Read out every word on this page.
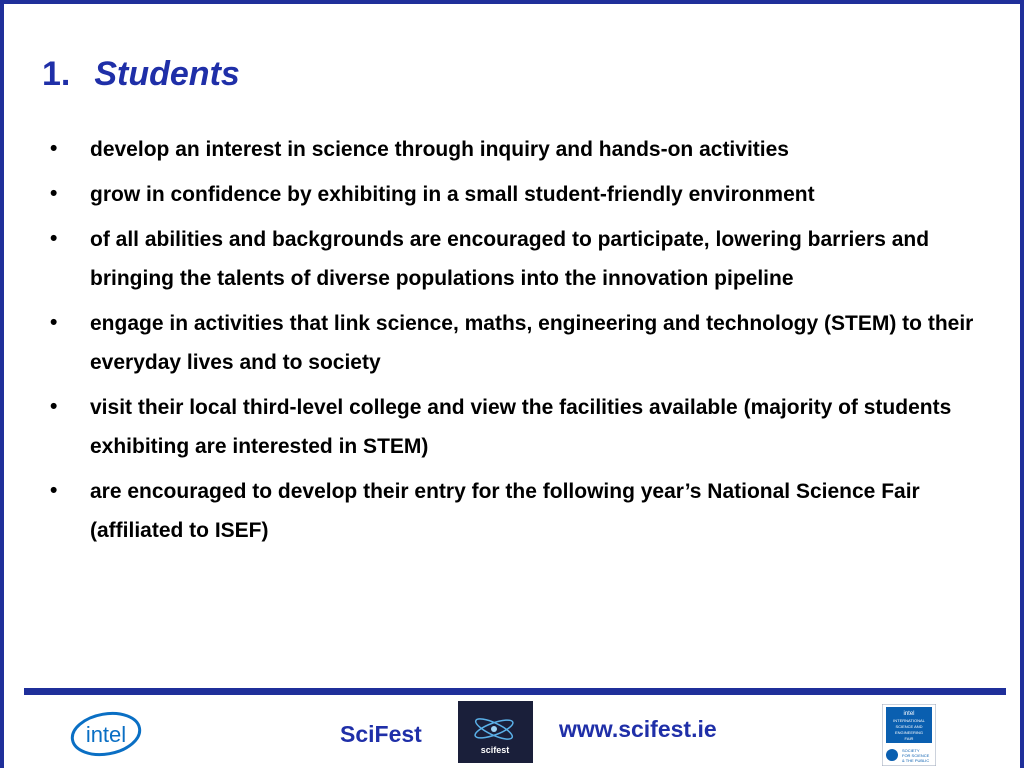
1. Students
• develop an interest in science through inquiry and hands-on activities
• grow in confidence by exhibiting in a small student-friendly environment
• of all abilities and backgrounds are encouraged to participate, lowering barriers and bringing the talents of diverse populations into the innovation pipeline
• engage in activities that link science, maths, engineering and technology (STEM) to their everyday lives and to society
• visit their local third-level college and view the facilities available (majority of students exhibiting are interested in STEM)
• are encouraged to develop their entry for the following year’s National Science Fair (affiliated to ISEF)
intel	SciFest
scifest
www.scifest.ie
intel
INTERNATIONAL
SCIENCE AND
ENGINEERING
FAIR
SOCIETY
FOR SCIENCE
& THE PUBLIC
